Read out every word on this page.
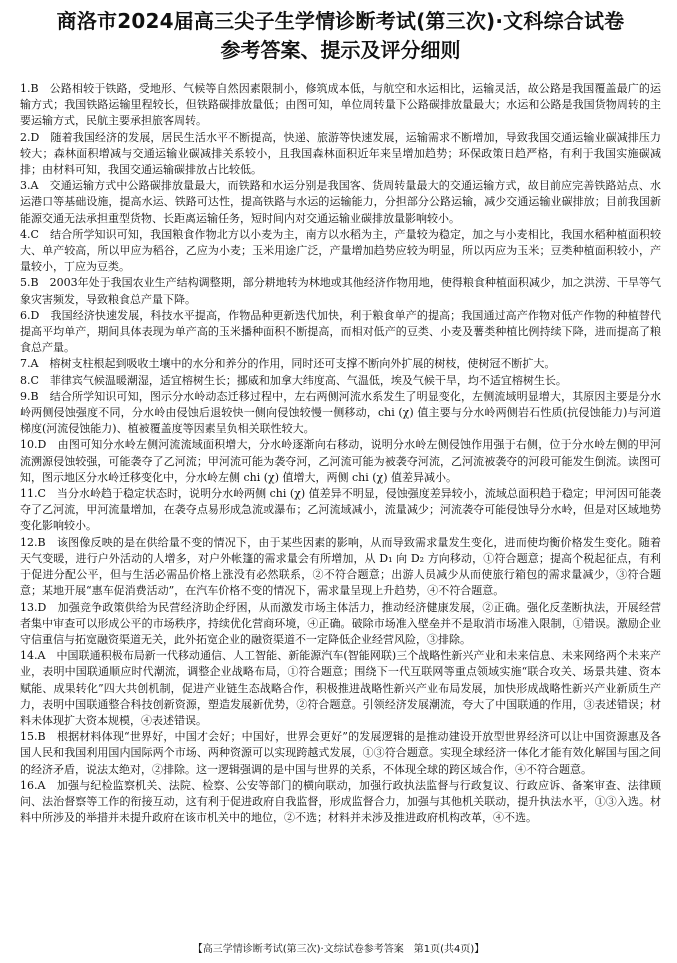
商洛市2024届高三尖子生学情诊断考试(第三次)·文科综合试卷
参考答案、提示及评分细则

1.B　公路相较于铁路，受地形、气候等自然因素限制小，修筑成本低，与航空和水运相比，运输灵活，故公路是我国覆盖最广的运输方式；我国铁路运输里程较长，但铁路碳排放量低；由图可知，单位周转量下公路碳排放量最大；水运和公路是我国货物周转的主要运输方式，民航主要承担旅客周转。

2.D　随着我国经济的发展，居民生活水平不断提高，快递、旅游等快速发展，运输需求不断增加，导致我国交通运输业碳减排压力较大；森林面积增减与交通运输业碳减排关系较小，且我国森林面积近年来呈增加趋势；环保政策日趋严格，有利于我国实施碳减排；由材料可知，我国交通运输碳排放占比较低。

3.A　交通运输方式中公路碳排放量最大，而铁路和水运分别是我国客、货周转量最大的交通运输方式，故目前应完善铁路站点、水运港口等基础设施，提高水运、铁路可达性，提高铁路与水运的运输能力，分担部分公路运输，减少交通运输业碳排放；目前我国新能源交通无法承担重型货物、长距离运输任务，短时间内对交通运输业碳排放量影响较小。

4.C　结合所学知识可知，我国粮食作物北方以小麦为主，南方以水稻为主，产量较为稳定，加之与小麦相比，我国水稻种植面积较大、单产较高，所以甲应为稻谷，乙应为小麦；玉米用途广泛，产量增加趋势应较为明显，所以丙应为玉米；豆类种植面积较小，产量较小，丁应为豆类。

5.B　2003年处于我国农业生产结构调整期，部分耕地转为林地或其他经济作物用地，使得粮食种植面积减少，加之洪涝、干旱等气象灾害频发，导致粮食总产量下降。

6.D　我国经济快速发展，科技水平提高，作物品种更新迭代加快，利于粮食单产的提高；我国通过高产作物对低产作物的种植替代提高平均单产，期间具体表现为单产高的玉米播种面积不断提高，而相对低产的豆类、小麦及薯类种植比例持续下降，进而提高了粮食总产量。

7.A　榕树支柱根起到吸收土壤中的水分和养分的作用，同时还可支撑不断向外扩展的树枝，使树冠不断扩大。

8.C　菲律宾气候温暖潮湿，适宜榕树生长；挪威和加拿大纬度高、气温低，埃及气候干旱，均不适宜榕树生长。

9.B　结合所学知识可知，图示分水岭动态迁移过程中，左右两侧河流水系发生了明显变化，左侧流域明显增大，其原因主要是分水岭两侧侵蚀强度不同，分水岭由侵蚀后退较快一侧向侵蚀较慢一侧移动，chi (χ) 值主要与分水岭两侧岩石性质(抗侵蚀能力)与河道梯度(河流侵蚀能力)、植被覆盖度等因素呈负相关联性较大。

10.D　由图可知分水岭左侧河流流域面积增大，分水岭逐渐向右移动，说明分水岭左侧侵蚀作用强于右侧，位于分水岭左侧的甲河流溯源侵蚀较强，可能袭夺了乙河流；甲河流可能为袭夺河，乙河流可能为被袭夺河流，乙河流被袭夺的河段可能发生倒流。读图可知，图示地区分水岭迁移变化中，分水岭左侧 chi (χ) 值增大，两侧 chi (χ) 值差异减小。

11.C　当分水岭趋于稳定状态时，说明分水岭两侧 chi (χ) 值差异不明显，侵蚀强度差异较小，流域总面积趋于稳定；甲河因可能袭夺了乙河流，甲河流量增加，在袭夺点易形成急流或瀑布；乙河流域减小，流量减少；河流袭夺可能侵蚀导分水岭，但是对区域地势变化影响较小。

12.B　该图像反映的是在供给量不变的情况下，由于某些因素的影响，从而导致需求量发生变化，进而使均衡价格发生变化。随着天气变暖，进行户外活动的人增多，对户外帐篷的需求量会有所增加，从 D₁ 向 D₂ 方向移动，①符合题意；提高个税起征点，有利于促进分配公平，但与生活必需品价格上涨没有必然联系，②不符合题意；出游人员减少从而使旅行箱包的需求量减少，③符合题意；某地开展“惠车促消费活动”，在汽车价格不变的情况下，需求量呈现上升趋势，④不符合题意。

13.D　加强竞争政策供给为民营经济助企纾困，从而激发市场主体活力，推动经济健康发展，②正确。强化反垄断执法，开展经营者集中审查可以形成公平的市场秩序，持续优化营商环境，④正确。破除市场准入壁垒并不是取消市场准入限制，①错误。激励企业守信重信与拓宽融资渠道无关，此外拓宽企业的融资渠道不一定降低企业经营风险，③排除。

14.A　中国联通积极布局新一代移动通信、人工智能、新能源汽车(智能网联)三个战略性新兴产业和未来信息、未来网络两个未来产业，表明中国联通顺应时代潮流，调整企业战略布局，①符合题意；围绕下一代互联网等重点领域实施“联合攻关、场景共建、资本赋能、成果转化”四大共创机制，促进产业链生态战略合作，积极推进战略性新兴产业布局发展，加快形成战略性新兴产业新质生产力，表明中国联通整合科技创新资源，塑造发展新优势，②符合题意。引领经济发展潮流，夸大了中国联通的作用，③表述错误；材料未体现扩大资本规模，④表述错误。

15.B　根据材料体现“世界好，中国才会好；中国好，世界会更好”的发展逻辑的是推动建设开放型世界经济可以让中国资源惠及各国人民和我国利用国内国际两个市场、两种资源可以实现跨越式发展，①③符合题意。实现全球经济一体化才能有效化解国与国之间的经济矛盾，说法太绝对，②排除。这一逻辑强调的是中国与世界的关系，不体现全球的跨区域合作，④不符合题意。

16.A　加强与纪检监察机关、法院、检察、公安等部门的横向联动，加强行政执法监督与行政复议、行政应诉、备案审查、法律顾问、法治督察等工作的衔接互动，这有利于促进政府自我监督，形成监督合力，加强与其他机关联动，提升执法水平，①③入选。材料中所涉及的举措并未提升政府在该市机关中的地位，②不选；材料并未涉及推进政府机构改革，④不选。

【高三学情诊断考试(第三次)·文综试卷参考答案　第1页(共4页)】
